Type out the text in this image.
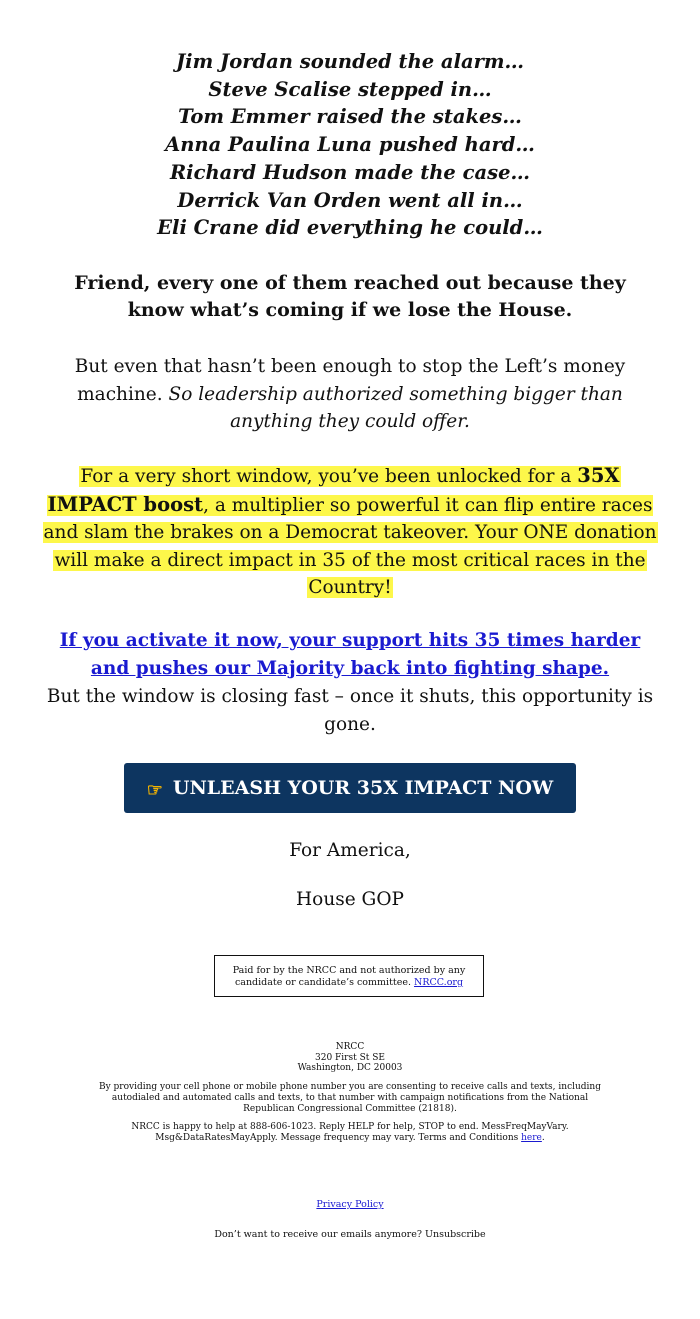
Jim Jordan sounded the alarm…
Steve Scalise stepped in…
Tom Emmer raised the stakes…
Anna Paulina Luna pushed hard…
Richard Hudson made the case…
Derrick Van Orden went all in…
Eli Crane did everything he could…
Friend, every one of them reached out because they know what’s coming if we lose the House.
But even that hasn’t been enough to stop the Left’s money machine. So leadership authorized something bigger than anything they could offer.
For a very short window, you’ve been unlocked for a 35X IMPACT boost, a multiplier so powerful it can flip entire races and slam the brakes on a Democrat takeover. Your ONE donation will make a direct impact in 35 of the most critical races in the Country!
If you activate it now, your support hits 35 times harder and pushes our Majority back into fighting shape.
But the window is closing fast – once it shuts, this opportunity is gone.
☞ UNLEASH YOUR 35X IMPACT NOW
For America,
House GOP
Paid for by the NRCC and not authorized by any candidate or candidate’s committee. NRCC.org
NRCC
320 First St SE
Washington, DC 20003
By providing your cell phone or mobile phone number you are consenting to receive calls and texts, including autodialed and automated calls and texts, to that number with campaign notifications from the National Republican Congressional Committee (21818).
NRCC is happy to help at 888-606-1023. Reply HELP for help, STOP to end. MessFreqMayVary. Msg&DataRatesMayApply. Message frequency may vary. Terms and Conditions here.
Privacy Policy
Don’t want to receive our emails anymore? Unsubscribe
